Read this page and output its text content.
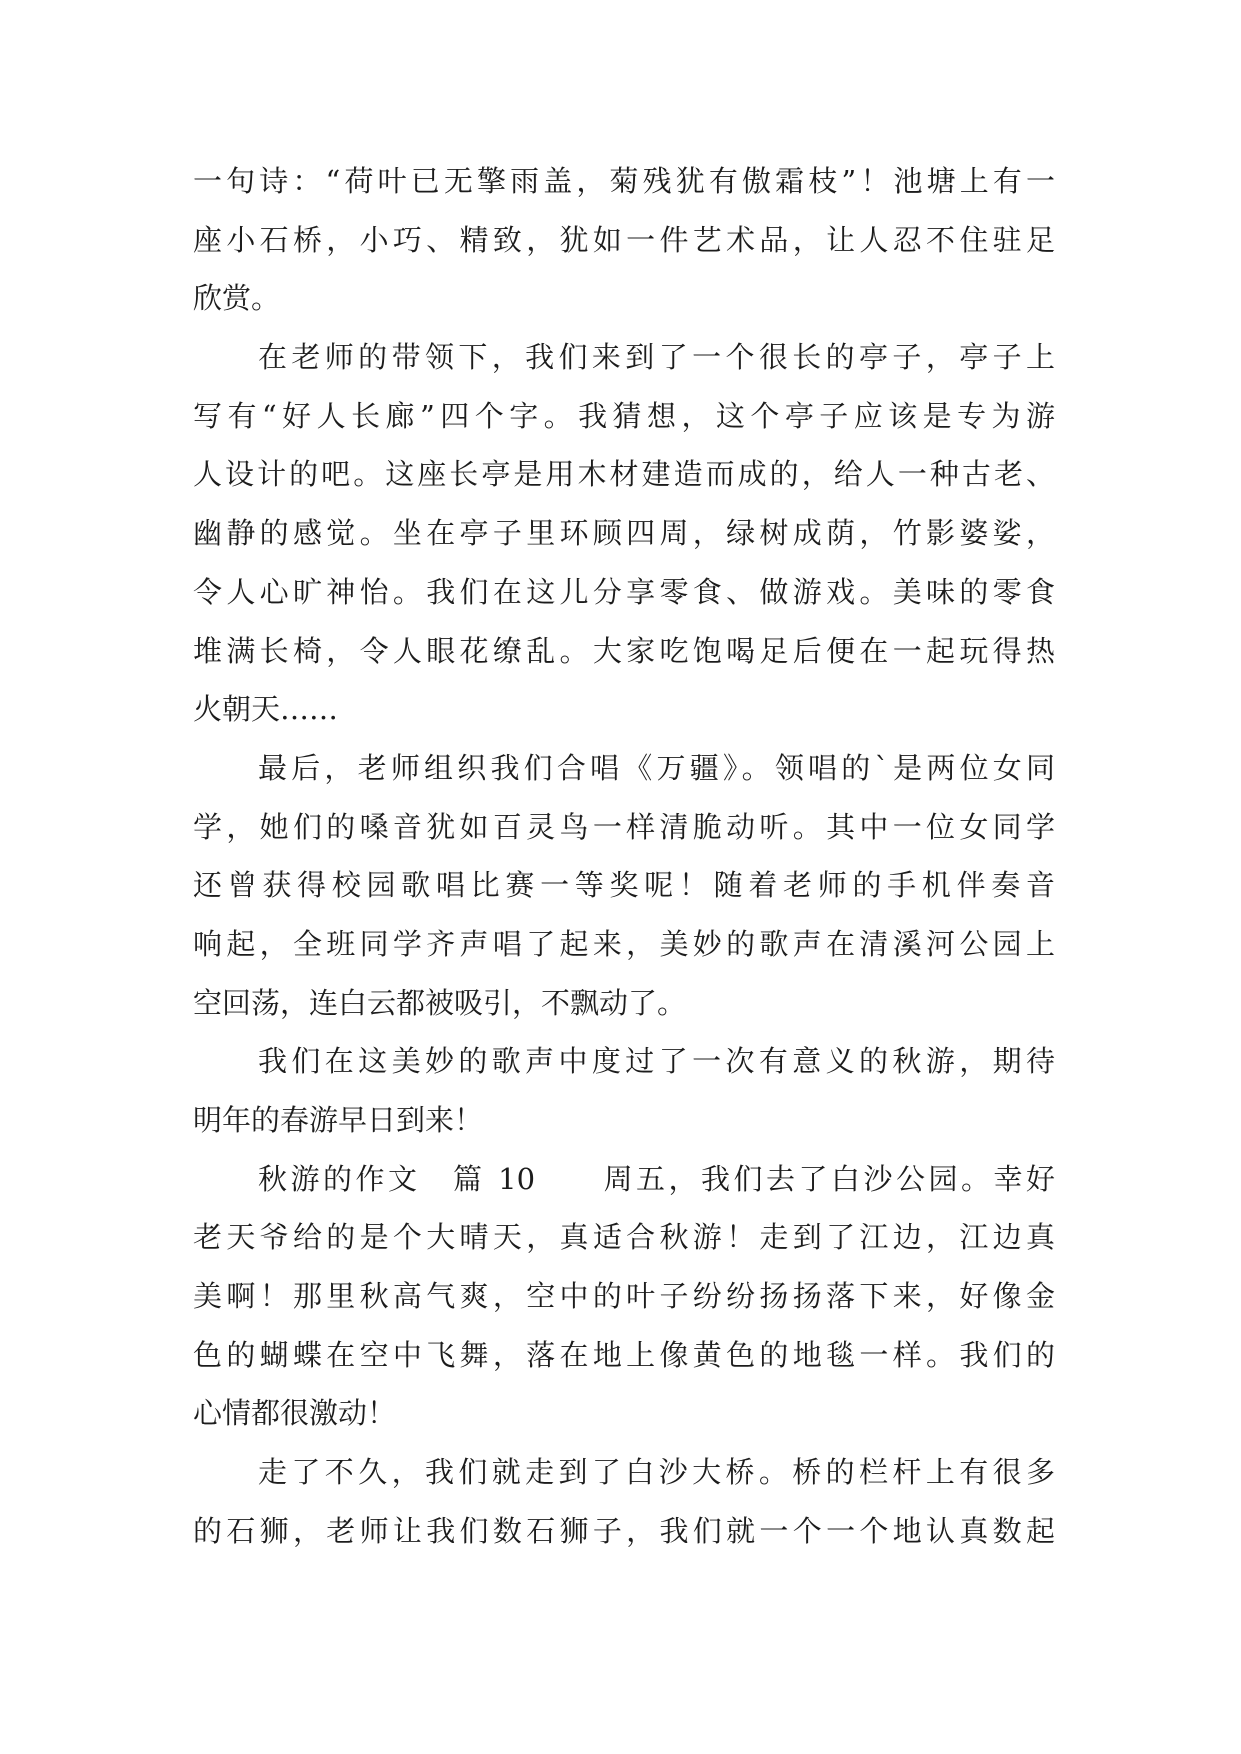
一句诗：“荷叶已无擎雨盖，菊残犹有傲霜枝”！池塘上有一
座小石桥，小巧、精致，犹如一件艺术品，让人忍不住驻足
欣赏。
在老师的带领下，我们来到了一个很长的亭子，亭子上
写有“好人长廊”四个字。我猜想，这个亭子应该是专为游
人设计的吧。这座长亭是用木材建造而成的，给人一种古老、
幽静的感觉。坐在亭子里环顾四周，绿树成荫，竹影婆娑，
令人心旷神怡。我们在这儿分享零食、做游戏。美味的零食
堆满长椅，令人眼花缭乱。大家吃饱喝足后便在一起玩得热
火朝天……
最后，老师组织我们合唱《万疆》。领唱的`是两位女同
学，她们的嗓音犹如百灵鸟一样清脆动听。其中一位女同学
还曾获得校园歌唱比赛一等奖呢！随着老师的手机伴奏音
响起，全班同学齐声唱了起来，美妙的歌声在清溪河公园上
空回荡，连白云都被吸引，不飘动了。
我们在这美妙的歌声中度过了一次有意义的秋游，期待
明年的春游早日到来！
秋游的作文　篇 10　　周五，我们去了白沙公园。幸好
老天爷给的是个大晴天，真适合秋游！走到了江边，江边真
美啊！那里秋高气爽，空中的叶子纷纷扬扬落下来，好像金
色的蝴蝶在空中飞舞，落在地上像黄色的地毯一样。我们的
心情都很激动！
走了不久，我们就走到了白沙大桥。桥的栏杆上有很多
的石狮，老师让我们数石狮子，我们就一个一个地认真数起
